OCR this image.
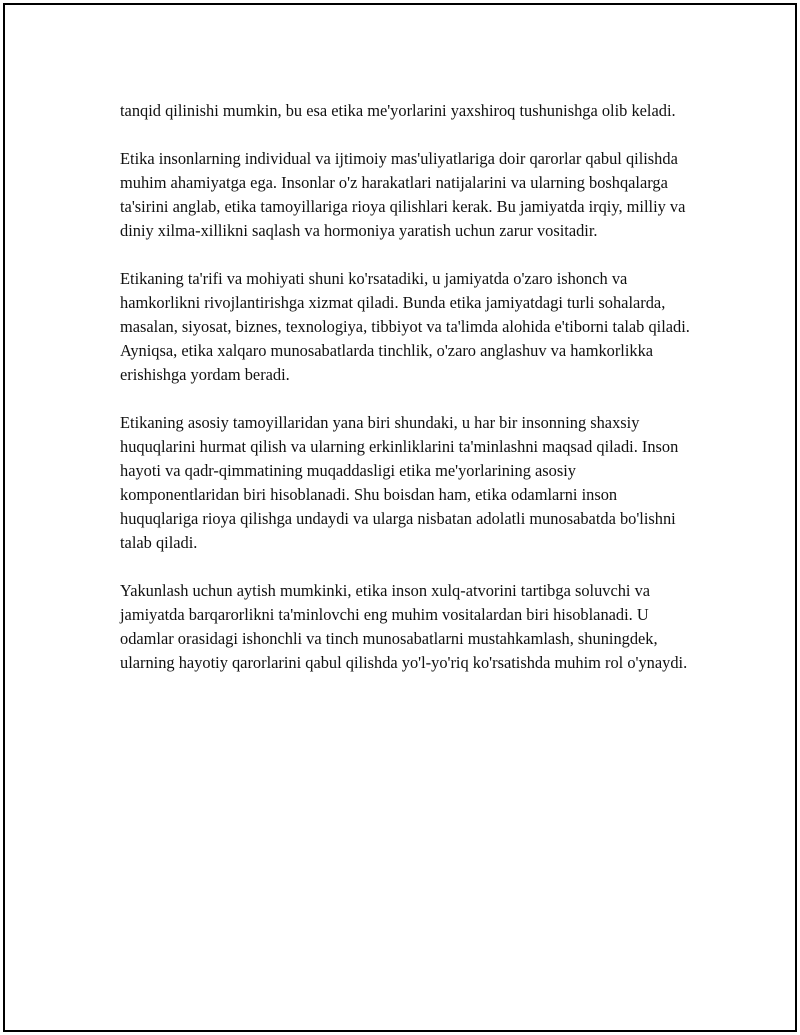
tanqid qilinishi mumkin, bu esa etika me'yorlarini yaxshiroq tushunishga olib keladi.

Etika insonlarning individual va ijtimoiy mas'uliyatlariga doir qarorlar qabul qilishda muhim ahamiyatga ega. Insonlar o'z harakatlari natijalarini va ularning boshqalarga ta'sirini anglab, etika tamoyillariga rioya qilishlari kerak. Bu jamiyatda irqiy, milliy va diniy xilma-xillikni saqlash va hormoniya yaratish uchun zarur vositadir.

Etikaning ta'rifi va mohiyati shuni ko'rsatadiki, u jamiyatda o'zaro ishonch va hamkorlikni rivojlantirishga xizmat qiladi. Bunda etika jamiyatdagi turli sohalarda, masalan, siyosat, biznes, texnologiya, tibbiyot va ta'limda alohida e'tiborni talab qiladi. Ayniqsa, etika xalqaro munosabatlarda tinchlik, o'zaro anglashuv va hamkorlikka erishishga yordam beradi.

Etikaning asosiy tamoyillaridan yana biri shundaki, u har bir insonning shaxsiy huquqlarini hurmat qilish va ularning erkinliklarini ta'minlashni maqsad qiladi. Inson hayoti va qadr-qimmatining muqaddasligi etika me'yorlarining asosiy komponentlaridan biri hisoblanadi. Shu boisdan ham, etika odamlarni inson huquqlariga rioya qilishga undaydi va ularga nisbatan adolatli munosabatda bo'lishni talab qiladi.

Yakunlash uchun aytish mumkinki, etika inson xulq-atvorini tartibga soluvchi va jamiyatda barqarorlikni ta'minlovchi eng muhim vositalardan biri hisoblanadi. U odamlar orasidagi ishonchli va tinch munosabatlarni mustahkamlash, shuningdek, ularning hayotiy qarorlarini qabul qilishda yo'l-yo'riq ko'rsatishda muhim rol o'ynaydi.
